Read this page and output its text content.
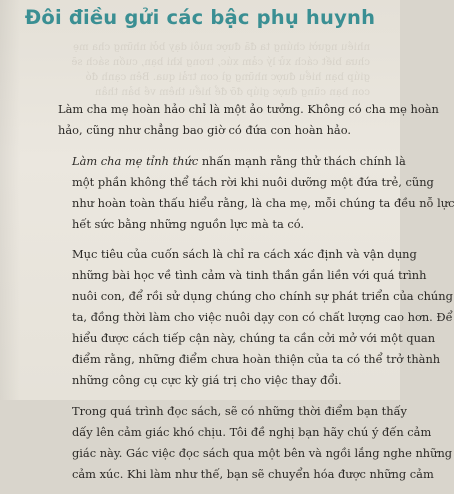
nhiều người chúng ta đã được nuôi dạy bởi những cha mẹ
chưa biết cách xử lý cảm xúc, trong khi bạn, cuốn sách sẽ
giúp bạn hiểu được những gì con trải qua. Bên cạnh đó
con bạn cũng được giúp đỡ để hiểu thêm về bản thân
Đôi điều gửi các bậc phụ huynh
Làm cha mẹ hoàn hảo chỉ là một ảo tưởng. Không có cha mẹ hoàn
hảo, cũng như chẳng bao giờ có đứa con hoàn hảo.
Làm cha mẹ tỉnh thức nhấn mạnh rằng thử thách chính là
một phần không thể tách rời khi nuôi dưỡng một đứa trẻ, cũng
như hoàn toàn thấu hiểu rằng, là cha mẹ, mỗi chúng ta đều nỗ lực
hết sức bằng những nguồn lực mà ta có.
Mục tiêu của cuốn sách là chỉ ra cách xác định và vận dụng
những bài học về tình cảm và tinh thần gắn liền với quá trình
nuôi con, để rồi sử dụng chúng cho chính sự phát triển của chúng
ta, đồng thời làm cho việc nuôi dạy con có chất lượng cao hơn. Để
hiểu được cách tiếp cận này, chúng ta cần cởi mở với một quan
điểm rằng, những điểm chưa hoàn thiện của ta có thể trở thành
những công cụ cực kỳ giá trị cho việc thay đổi.
Trong quá trình đọc sách, sẽ có những thời điểm bạn thấy
dấy lên cảm giác khó chịu. Tôi đề nghị bạn hãy chú ý đến cảm
giác này. Gác việc đọc sách qua một bên và ngồi lắng nghe những
cảm xúc. Khi làm như thế, bạn sẽ chuyển hóa được những cảm
